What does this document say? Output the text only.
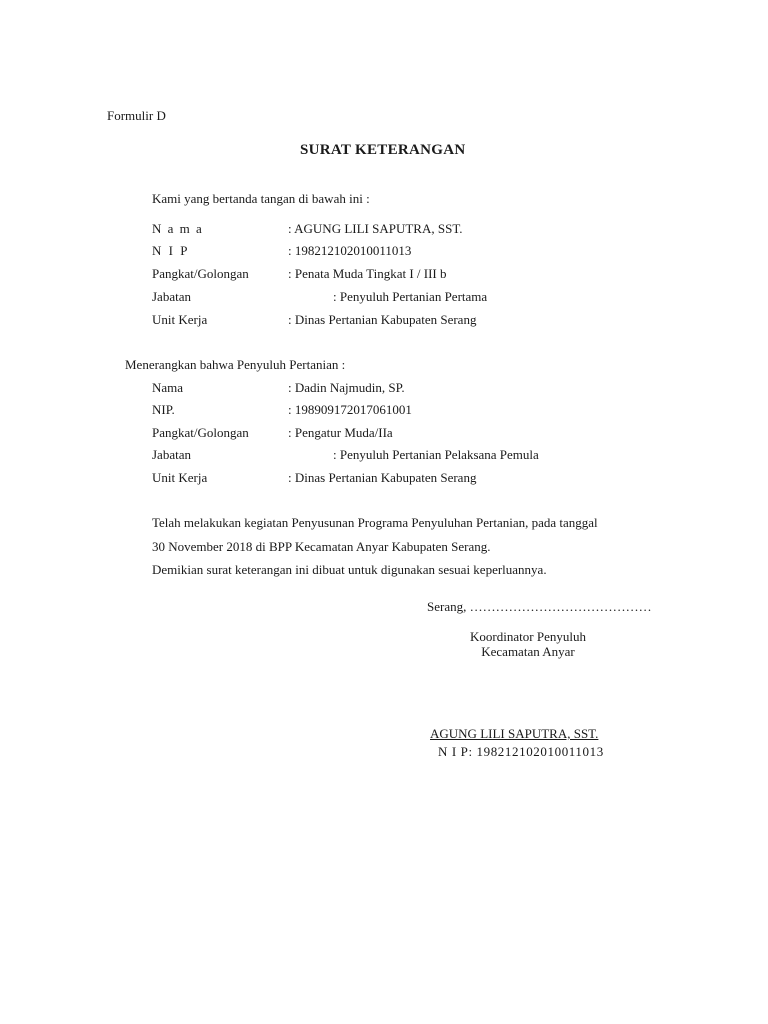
Formulir D
SURAT KETERANGAN
Kami yang bertanda tangan di bawah ini :
N a m a	: AGUNG LILI SAPUTRA, SST.
N I P	: 198212102010011013
Pangkat/Golongan	: Penata Muda Tingkat I / III b
Jabatan	: Penyuluh Pertanian Pertama
Unit Kerja	: Dinas Pertanian Kabupaten Serang
Menerangkan bahwa Penyuluh Pertanian :
Nama	: Dadin Najmudin, SP.
NIP.	: 198909172017061001
Pangkat/Golongan	: Pengatur Muda/IIa
Jabatan	: Penyuluh Pertanian Pelaksana Pemula
Unit Kerja	: Dinas Pertanian Kabupaten Serang
Telah melakukan kegiatan Penyusunan Programa Penyuluhan Pertanian, pada tanggal
30 November 2018 di BPP Kecamatan Anyar Kabupaten Serang.
Demikian surat keterangan ini dibuat untuk digunakan sesuai keperluannya.
Serang, ……………………………………
Koordinator Penyuluh
Kecamatan Anyar
AGUNG LILI SAPUTRA, SST.
N I P: 198212102010011013
